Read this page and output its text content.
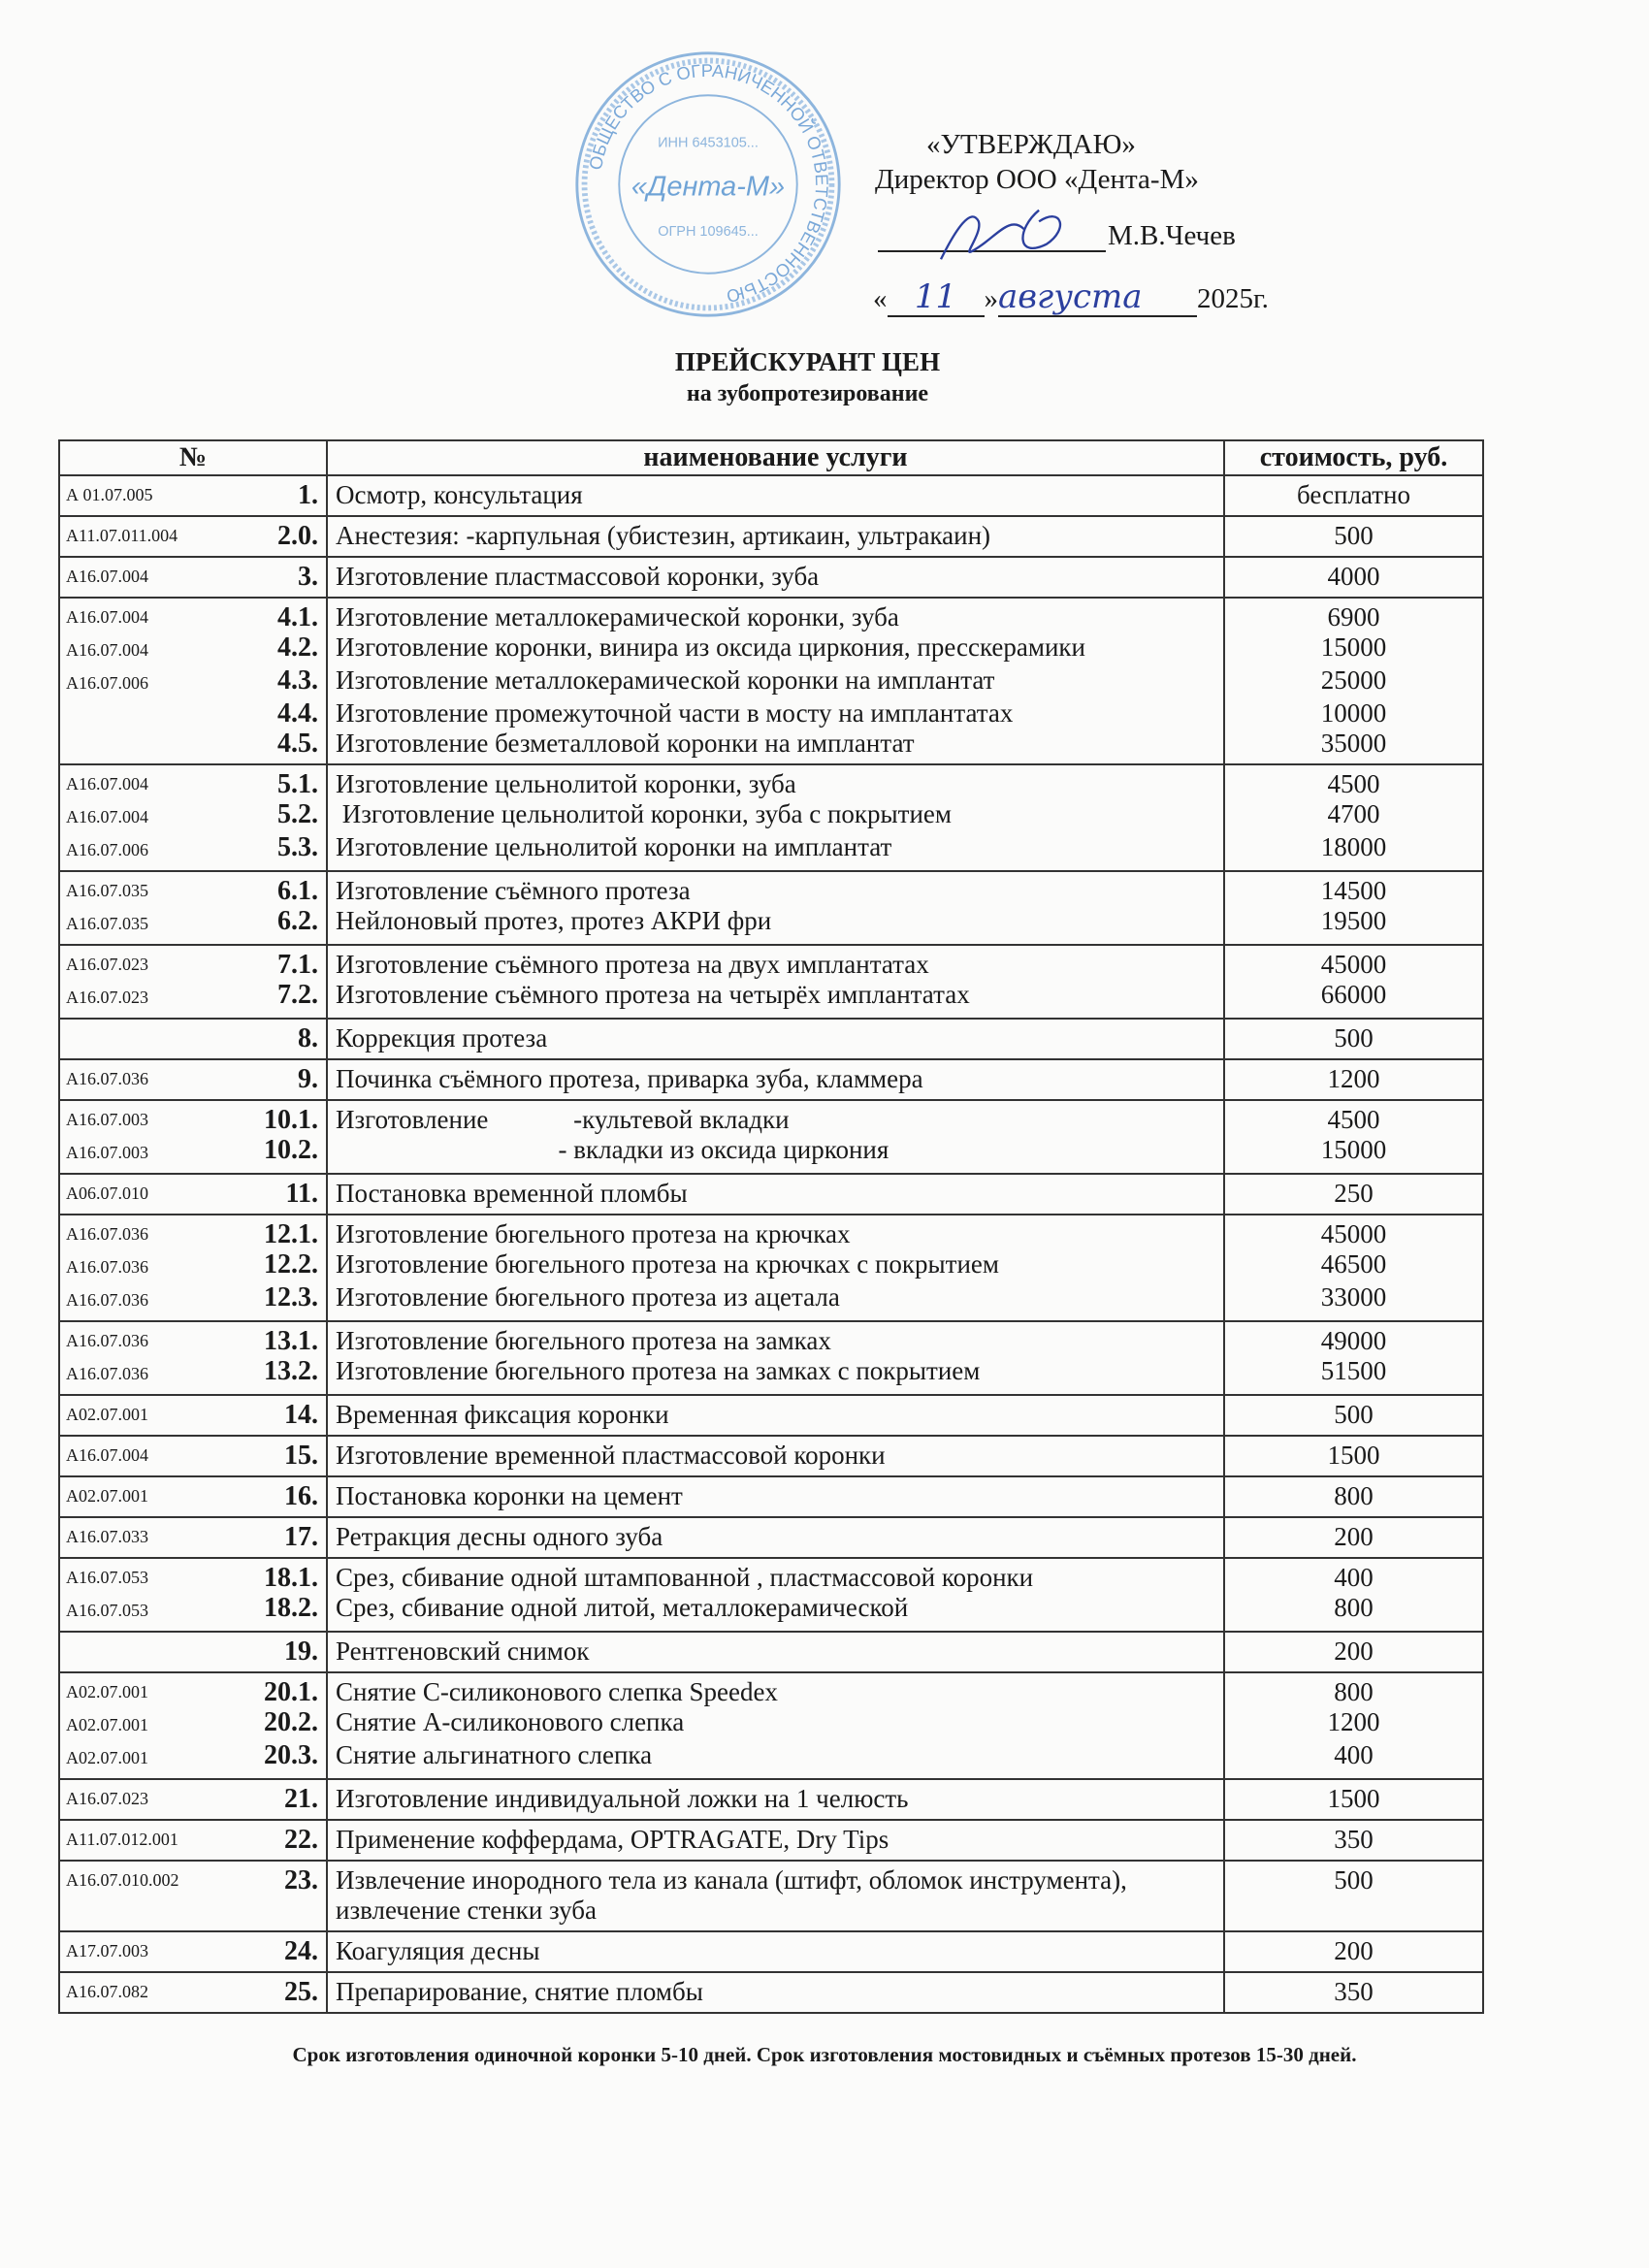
ОБЩЕСТВО С ОГРАНИЧЕННОЙ ОТВЕТСТВЕННОСТЬЮ
ИНН 6453105...
«Дента-М»
ОГРН 109645...
«УТВЕРЖДАЮ»
Директор ООО «Дента-М»
М.В.Чечев
« 11 »августа 2025г.
ПРЕЙСКУРАНТ ЦЕН
на зубопротезирование
№		наименование услуги	стоимость, руб.
А 01.07.005	1.	Осмотр, консультация	бесплатно
А11.07.011.004	2.0.	Анестезия: -карпульная (убистезин, артикаин, ультракаин)	500
А16.07.004	3.	Изготовление пластмассовой коронки, зуба	4000
А16.07.004	4.1.	Изготовление металлокерамической коронки, зуба	6900
А16.07.004	4.2.	Изготовление коронки, винира из оксида циркония, пресскерамики	15000
А16.07.006	4.3.	Изготовление металлокерамической коронки на имплантат	25000
	4.4.	Изготовление промежуточной части в мосту на имплантатах	10000
	4.5.	Изготовление безметалловой коронки на имплантат	35000
А16.07.004	5.1.	Изготовление цельнолитой коронки, зуба	4500
А16.07.004	5.2.	Изготовление цельнолитой коронки, зуба с покрытием	4700
А16.07.006	5.3.	Изготовление цельнолитой коронки на имплантат	18000
А16.07.035	6.1.	Изготовление съёмного протеза	14500
А16.07.035	6.2.	Нейлоновый протез, протез АКРИ фри	19500
А16.07.023	7.1.	Изготовление съёмного протеза на двух имплантатах	45000
А16.07.023	7.2.	Изготовление съёмного протеза на четырёх имплантатах	66000
	8.	Коррекция протеза	500
А16.07.036	9.	Починка съёмного протеза, приварка зуба, кламмера	1200
А16.07.003	10.1.	Изготовление             -культевой вкладки	4500
А16.07.003	10.2.	- вкладки из оксида циркония	15000
А06.07.010	11.	Постановка временной пломбы	250
А16.07.036	12.1.	Изготовление бюгельного протеза на крючках	45000
А16.07.036	12.2.	Изготовление бюгельного протеза на крючках с покрытием	46500
А16.07.036	12.3.	Изготовление бюгельного протеза из ацетала	33000
А16.07.036	13.1.	Изготовление бюгельного протеза на замках	49000
А16.07.036	13.2.	Изготовление бюгельного протеза на замках с покрытием	51500
А02.07.001	14.	Временная фиксация коронки	500
А16.07.004	15.	Изготовление временной пластмассовой коронки	1500
А02.07.001	16.	Постановка коронки на цемент	800
А16.07.033	17.	Ретракция десны одного зуба	200
А16.07.053	18.1.	Срез, сбивание одной штампованной , пластмассовой коронки	400
А16.07.053	18.2.	Срез, сбивание одной литой, металлокерамической	800
	19.	Рентгеновский снимок	200
А02.07.001	20.1.	Снятие С-силиконового слепка Speedex	800
А02.07.001	20.2.	Снятие А-силиконового слепка	1200
А02.07.001	20.3.	Снятие альгинатного слепка	400
А16.07.023	21.	Изготовление индивидуальной ложки на 1 челюсть	1500
А11.07.012.001	22.	Применение коффердама, OPTRAGATE, Dry Tips	350
А16.07.010.002	23.	Извлечение инородного тела из канала (штифт, обломок инструмента), извлечение стенки зуба	500
А17.07.003	24.	Коагуляция десны	200
А16.07.082	25.	Препарирование, снятие пломбы	350
Срок изготовления одиночной коронки 5-10 дней. Срок изготовления мостовидных и съёмных протезов 15-30 дней.
